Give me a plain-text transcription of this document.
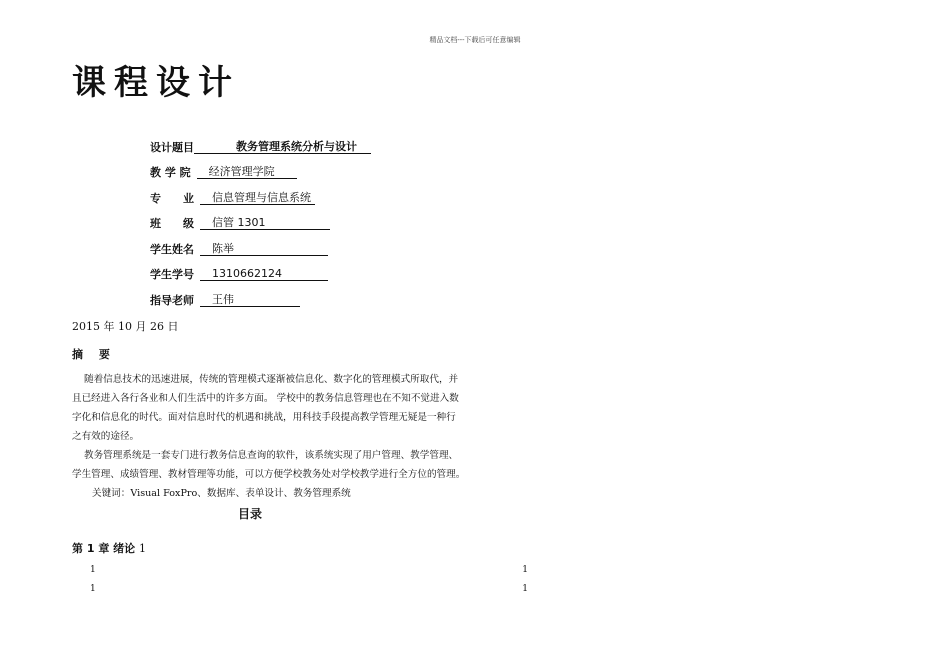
精品文档---下载后可任意编辑
课程设计
设计题目	教务管理系统分析与设计
教 学 院	经济管理学院
专　　业	信息管理与信息系统
班　　级	信管 1301
学生姓名	陈举
学生学号	1310662124
指导老师	王伟
2015 年 10 月 26 日
摘 要

随着信息技术的迅速进展，传统的管理模式逐渐被信息化、数字化的管理模式所取代，并

且已经进入各行各业和人们生活中的许多方面。 学校中的教务信息管理也在不知不觉进入数

字化和信息化的时代。面对信息时代的机遇和挑战，用科技手段提高教学管理无疑是一种行

之有效的途径。

教务管理系统是一套专门进行教务信息查询的软件，该系统实现了用户管理、教学管理、

学生管理、成绩管理、教材管理等功能，可以方便学校教务处对学校教学进行全方位的管理。

关键词：Visual FoxPro、数据库、表单设计、教务管理系统

目录
第 1 章 绪论 1
1	1
1	1
